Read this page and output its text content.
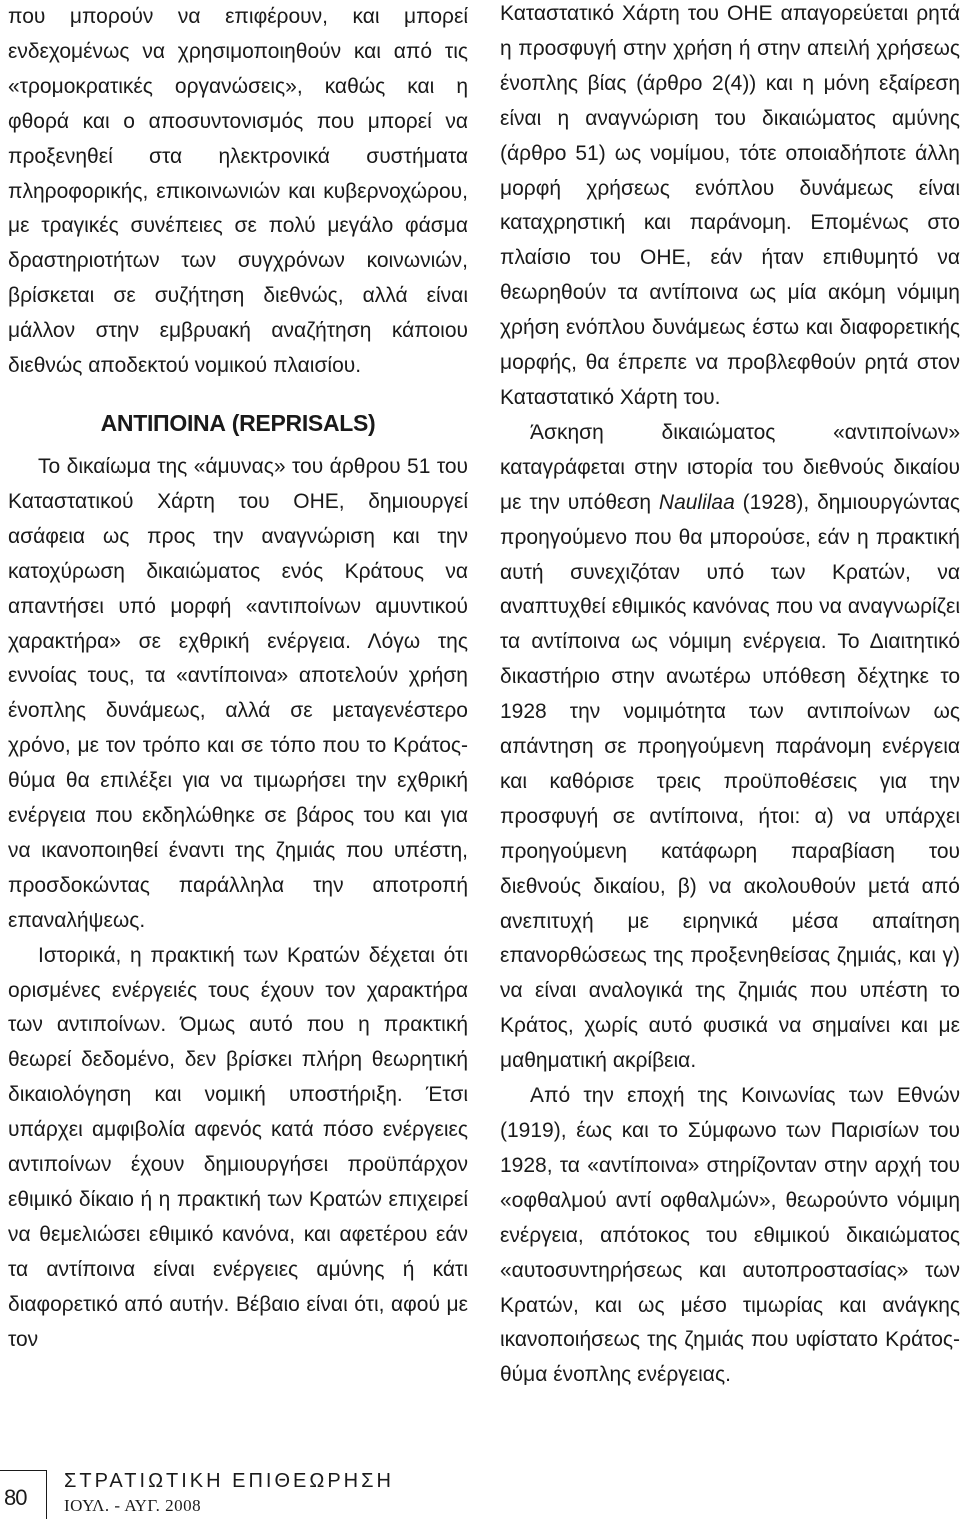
που μπορούν να επιφέρουν, και μπορεί ενδεχομένως να χρησιμοποιηθούν και από τις «τρομοκρατικές οργανώσεις», καθώς και η φθορά και ο αποσυντονισμός που μπορεί να προξενηθεί στα ηλεκτρονικά συστήματα πληροφορικής, επικοινωνιών και κυβερνοχώρου, με τραγικές συνέπειες σε πολύ μεγάλο φάσμα δραστηριοτήτων των συγχρόνων κοινωνιών, βρίσκεται σε συζήτηση διεθνώς, αλλά είναι μάλλον στην εμβρυακή αναζήτηση κάποιου διεθνώς αποδεκτού νομικού πλαισίου.

ΑΝΤΙΠΟΙΝΑ (REPRISALS)

Το δικαίωμα της «άμυνας» του άρθρου 51 του Καταστατικού Χάρτη του ΟΗΕ, δημιουργεί ασάφεια ως προς την αναγνώριση και την κατοχύρωση δικαιώματος ενός Κράτους να απαντήσει υπό μορφή «αντιποίνων αμυντικού χαρακτήρα» σε εχθρική ενέργεια. Λόγω της εννοίας τους, τα «αντίποινα» αποτελούν χρήση ένοπλης δυνάμεως, αλλά σε μεταγενέστερο χρόνο, με τον τρόπο και σε τόπο που το Κράτος-θύμα θα επιλέξει για να τιμωρήσει την εχθρική ενέργεια που εκδηλώθηκε σε βάρος του και για να ικανοποιηθεί έναντι της ζημιάς που υπέστη, προσδοκώντας παράλληλα την αποτροπή επαναλήψεως.

Ιστορικά, η πρακτική των Κρατών δέχεται ότι ορισμένες ενέργειές τους έχουν τον χαρακτήρα των αντιποίνων. Όμως αυτό που η πρακτική θεωρεί δεδομένο, δεν βρίσκει πλήρη θεωρητική δικαιολόγηση και νομική υποστήριξη. Έτσι υπάρχει αμφιβολία αφενός κατά πόσο ενέργειες αντιποίνων έχουν δημιουργήσει προϋπάρχον εθιμικό δίκαιο ή η πρακτική των Κρατών επιχειρεί να θεμελιώσει εθιμικό κανόνα, και αφετέρου εάν τα αντίποινα είναι ενέργειες αμύνης ή κάτι διαφορετικό από αυτήν. Βέβαιο είναι ότι, αφού με τον

Καταστατικό Χάρτη του ΟΗΕ απαγορεύεται ρητά η προσφυγή στην χρήση ή στην απειλή χρήσεως ένοπλης βίας (άρθρο 2(4)) και η μόνη εξαίρεση είναι η αναγνώριση του δικαιώματος αμύνης (άρθρο 51) ως νομίμου, τότε οποιαδήποτε άλλη μορφή χρήσεως ενόπλου δυνάμεως είναι καταχρηστική και παράνομη. Επομένως στο πλαίσιο του ΟΗΕ, εάν ήταν επιθυμητό να θεωρηθούν τα αντίποινα ως μία ακόμη νόμιμη χρήση ενόπλου δυνάμεως έστω και διαφορετικής μορφής, θα έπρεπε να προβλεφθούν ρητά στον Καταστατικό Χάρτη του.

Άσκηση δικαιώματος «αντιποίνων» καταγράφεται στην ιστορία του διεθνούς δικαίου με την υπόθεση Naulilaa (1928), δημιουργώντας προηγούμενο που θα μπορούσε, εάν η πρακτική αυτή συνεχιζόταν υπό των Κρατών, να αναπτυχθεί εθιμικός κανόνας που να αναγνωρίζει τα αντίποινα ως νόμιμη ενέργεια. Το Διαιτητικό δικαστήριο στην ανωτέρω υπόθεση δέχτηκε το 1928 την νομιμότητα των αντιποίνων ως απάντηση σε προηγούμενη παράνομη ενέργεια και καθόρισε τρεις προϋποθέσεις για την προσφυγή σε αντίποινα, ήτοι: α) να υπάρχει προηγούμενη κατάφωρη παραβίαση του διεθνούς δικαίου, β) να ακολουθούν μετά από ανεπιτυχή με ειρηνικά μέσα απαίτηση επανορθώσεως της προξενηθείσας ζημιάς, και γ) να είναι αναλογικά της ζημιάς που υπέστη το Κράτος, χωρίς αυτό φυσικά να σημαίνει και με μαθηματική ακρίβεια.

Από την εποχή της Κοινωνίας των Εθνών (1919), έως και το Σύμφωνο των Παρισίων του 1928, τα «αντίποινα» στηρίζονταν στην αρχή του «οφθαλμού αντί οφθαλμών», θεωρούντο νόμιμη ενέργεια, απότοκος του εθιμικού δικαιώματος «αυτοσυντηρήσεως και αυτοπροστασίας» των Κρατών, και ως μέσο τιμωρίας και ανάγκης ικανοποιήσεως της ζημιάς που υφίστατο Κράτος-θύμα ένοπλης ενέργειας.

80
ΣΤΡΑΤΙΩΤΙΚΗ ΕΠΙΘΕΩΡΗΣΗ
ΙΟΥΛ. - ΑΥΓ. 2008
